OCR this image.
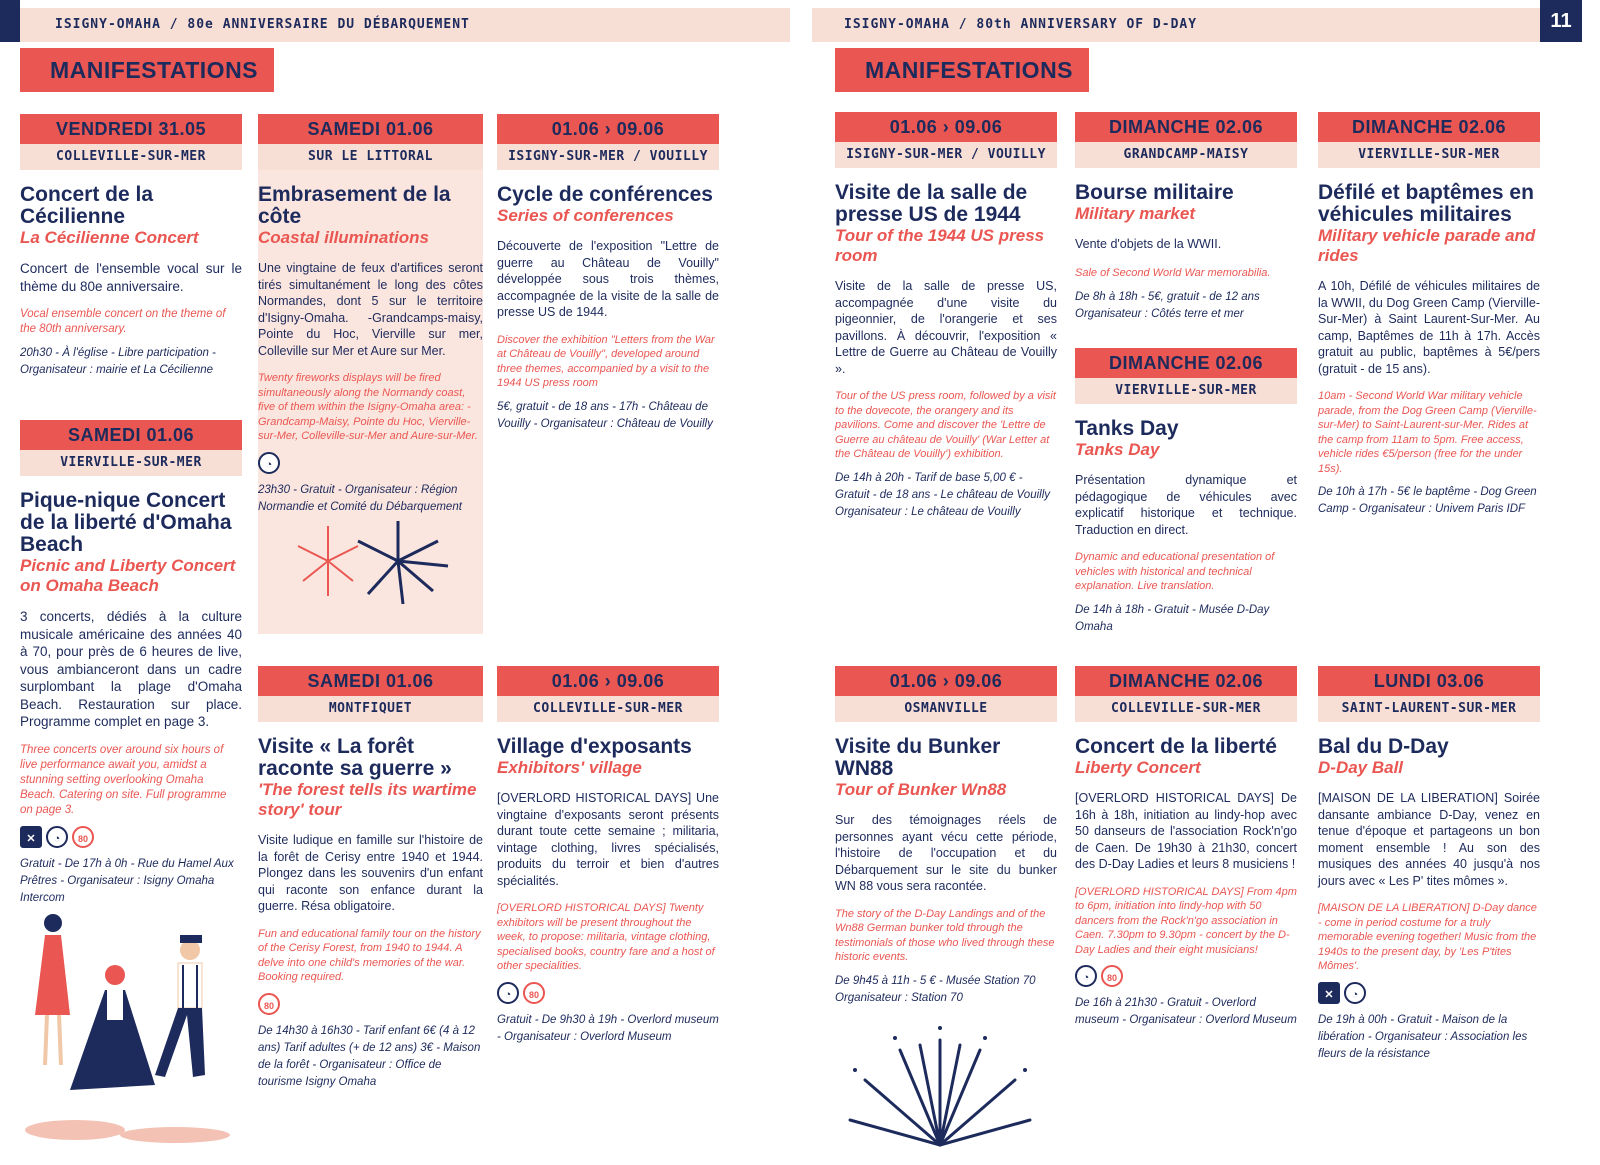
ISIGNY-OMAHA / 80e ANNIVERSAIRE DU DÉBARQUEMENT	ISIGNY-OMAHA / 80th ANNIVERSARY OF D-DAY	11
MANIFESTATIONS	MANIFESTATIONS
VENDREDI 31.05
COLLEVILLE-SUR-MER
Concert de la Cécilienne
La Cécilienne Concert
Concert de l'ensemble vocal sur le thème du 80e anniversaire.
Vocal ensemble concert on the theme of the 80th anniversary.
20h30 - À l'église - Libre participation - Organisateur : mairie et La Cécilienne
SAMEDI 01.06
VIERVILLE-SUR-MER
Pique-nique Concert de la liberté d'Omaha Beach
Picnic and Liberty Concert on Omaha Beach
3 concerts, dédiés à la culture musicale américaine des années 40 à 70, pour près de 6 heures de live, vous ambianceront dans un cadre surplombant la plage d'Omaha Beach. Restauration sur place. Programme complet en page 3.
Three concerts over around six hours of live performance await you, amidst a stunning setting overlooking Omaha Beach. Catering on site. Full programme on page 3.
✕	◔	80
Gratuit - De 17h à 0h - Rue du Hamel Aux Prêtres - Organisateur : Isigny Omaha Intercom
SAMEDI 01.06
SUR LE LITTORAL
Embrasement de la côte
Coastal illuminations
Une vingtaine de feux d'artifices seront tirés simultanément le long des côtes Normandes, dont 5 sur le territoire d'Isigny-Omaha. -Grandcamps-maisy, Pointe du Hoc, Vierville sur mer, Colleville sur Mer et Aure sur Mer.
Twenty fireworks displays will be fired simultaneously along the Normandy coast, five of them within the Isigny-Omaha area: - Grandcamp-Maisy, Pointe du Hoc, Vierville-sur-Mer, Colleville-sur-Mer and Aure-sur-Mer.
◔
23h30 - Gratuit - Organisateur : Région Normandie et Comité du Débarquement
SAMEDI 01.06
MONTFIQUET
Visite « La forêt raconte sa guerre »
'The forest tells its wartime story' tour
Visite ludique en famille sur l'histoire de la forêt de Cerisy entre 1940 et 1944. Plongez dans les souvenirs d'un enfant qui raconte son enfance durant la guerre. Résa obligatoire.
Fun and educational family tour on the history of the Cerisy Forest, from 1940 to 1944. A delve into one child's memories of the war. Booking required.
80
De 14h30 à 16h30 - Tarif enfant 6€ (4 à 12 ans) Tarif adultes (+ de 12 ans) 3€ - Maison de la forêt - Organisateur : Office de tourisme Isigny Omaha
01.06 › 09.06
ISIGNY-SUR-MER / VOUILLY
Cycle de conférences
Series of conferences
Découverte de l'exposition "Lettre de guerre au Château de Vouilly" développée sous trois thèmes, accompagnée de la visite de la salle de presse US de 1944.
Discover the exhibition "Letters from the War at Château de Vouilly", developed around three themes, accompanied by a visit to the 1944 US press room
5€, gratuit - de 18 ans - 17h - Château de Vouilly - Organisateur : Château de Vouilly
01.06 › 09.06
COLLEVILLE-SUR-MER
Village d'exposants
Exhibitors' village
[OVERLORD HISTORICAL DAYS] Une vingtaine d'exposants seront présents durant toute cette semaine ; militaria, vintage clothing, livres spécialisés, produits du terroir et bien d'autres spécialités.
[OVERLORD HISTORICAL DAYS] Twenty exhibitors will be present throughout the week, to propose: militaria, vintage clothing, specialised books, country fare and a host of other specialities.
◔	80
Gratuit - De 9h30 à 19h - Overlord museum - Organisateur : Overlord Museum
01.06 › 09.06
ISIGNY-SUR-MER / VOUILLY
Visite de la salle de presse US de 1944
Tour of the 1944 US press room
Visite de la salle de presse US, accompagnée d'une visite du pigeonnier, de l'orangerie et ses pavillons. À découvrir, l'exposition « Lettre de Guerre au Château de Vouilly ».
Tour of the US press room, followed by a visit to the dovecote, the orangery and its pavilions. Come and discover the 'Lettre de Guerre au château de Vouilly' (War Letter at the Château de Vouilly') exhibition.
De 14h à 20h - Tarif de base 5,00 € - Gratuit - de 18 ans - Le château de Vouilly Organisateur : Le château de Vouilly
01.06 › 09.06
OSMANVILLE
Visite du Bunker WN88
Tour of Bunker Wn88
Sur des témoignages réels de personnes ayant vécu cette période, l'histoire de l'occupation et du Débarquement sur le site du bunker WN 88 vous sera racontée.
The story of the D-Day Landings and of the Wn88 German bunker told through the testimonials of those who lived through these historic events.
De 9h45 à 11h - 5 € - Musée Station 70 Organisateur : Station 70
DIMANCHE 02.06
GRANDCAMP-MAISY
Bourse militaire
Military market
Vente d'objets de la WWII.
Sale of Second World War memorabilia.
De 8h à 18h - 5€, gratuit - de 12 ans Organisateur : Côtés terre et mer
DIMANCHE 02.06
VIERVILLE-SUR-MER
Tanks Day
Tanks Day
Présentation dynamique et pédagogique de véhicules avec explicatif historique et technique. Traduction en direct.
Dynamic and educational presentation of vehicles with historical and technical explanation. Live translation.
De 14h à 18h - Gratuit - Musée D-Day Omaha
DIMANCHE 02.06
COLLEVILLE-SUR-MER
Concert de la liberté
Liberty Concert
[OVERLORD HISTORICAL DAYS] De 16h à 18h, initiation au lindy-hop avec 50 danseurs de l'association Rock'n'go de Caen. De 19h30 à 21h30, concert des D-Day Ladies et leurs 8 musiciens !
[OVERLORD HISTORICAL DAYS] From 4pm to 6pm, initiation into lindy-hop with 50 dancers from the Rock'n'go association in Caen. 7.30pm to 9.30pm - concert by the D-Day Ladies and their eight musicians!
◔	80
De 16h à 21h30 - Gratuit - Overlord museum - Organisateur : Overlord Museum
DIMANCHE 02.06
VIERVILLE-SUR-MER
Défilé et baptêmes en véhicules militaires
Military vehicle parade and rides
A 10h, Défilé de véhicules militaires de la WWII, du Dog Green Camp (Vierville-Sur-Mer) à Saint Laurent-Sur-Mer. Au camp, Baptêmes de 11h à 17h. Accès gratuit au public, baptêmes à 5€/pers (gratuit - de 15 ans).
10am - Second World War military vehicle parade, from the Dog Green Camp (Vierville-sur-Mer) to Saint-Laurent-sur-Mer. Rides at the camp from 11am to 5pm. Free access, vehicle rides €5/person (free for the under 15s).
De 10h à 17h - 5€ le baptême - Dog Green Camp - Organisateur : Univem Paris IDF
LUNDI 03.06
SAINT-LAURENT-SUR-MER
Bal du D-Day
D-Day Ball
[MAISON DE LA LIBERATION] Soirée dansante ambiance D-Day, venez en tenue d'époque et partageons un bon moment ensemble ! Au son des musiques des années 40 jusqu'à nos jours avec « Les P' tites mômes ».
[MAISON DE LA LIBERATION] D-Day dance - come in period costume for a truly memorable evening together! Music from the 1940s to the present day, by 'Les P'tites Mômes'.
✕	◔
De 19h à 00h - Gratuit - Maison de la libération - Organisateur : Association les fleurs de la résistance
